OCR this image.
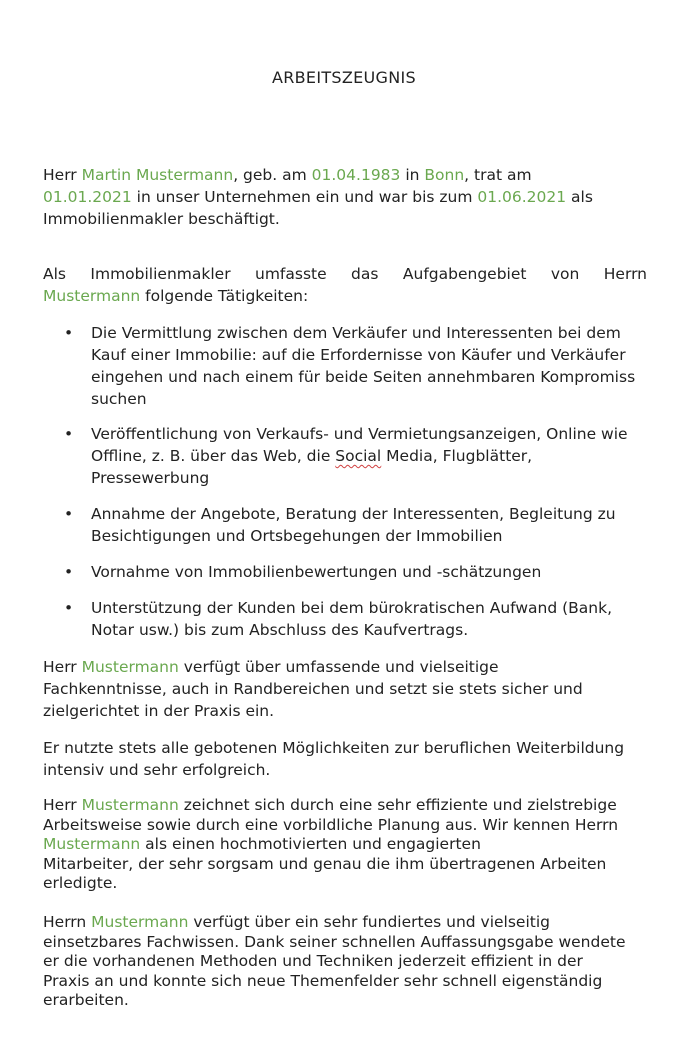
ARBEITSZEUGNIS
Herr Martin Mustermann, geb. am 01.04.1983 in Bonn, trat am
01.01.2021 in unser Unternehmen ein und war bis zum 01.06.2021 als
Immobilienmakler beschäftigt.
Als Immobilienmakler umfasste das Aufgabengebiet von Herrn
Mustermann folgende Tätigkeiten:
• Die Vermittlung zwischen dem Verkäufer und Interessenten bei dem Kauf einer Immobilie: auf die Erfordernisse von Käufer und Verkäufer eingehen und nach einem für beide Seiten annehmbaren Kompromiss suchen
• Veröffentlichung von Verkaufs- und Vermietungsanzeigen, Online wie Offline, z. B. über das Web, die Social Media, Flugblätter, Pressewerbung
• Annahme der Angebote, Beratung der Interessenten, Begleitung zu Besichtigungen und Ortsbegehungen der Immobilien
• Vornahme von Immobilienbewertungen und -schätzungen
• Unterstützung der Kunden bei dem bürokratischen Aufwand (Bank, Notar usw.) bis zum Abschluss des Kaufvertrags.
Herr Mustermann verfügt über umfassende und vielseitige
Fachkenntnisse, auch in Randbereichen und setzt sie stets sicher und
zielgerichtet in der Praxis ein.
Er nutzte stets alle gebotenen Möglichkeiten zur beruflichen Weiterbildung
intensiv und sehr erfolgreich.
Herr Mustermann zeichnet sich durch eine sehr effiziente und zielstrebige
Arbeitsweise sowie durch eine vorbildliche Planung aus. Wir kennen Herrn
Mustermann als einen hochmotivierten und engagierten
Mitarbeiter, der sehr sorgsam und genau die ihm übertragenen Arbeiten
erledigte.
Herrn Mustermann verfügt über ein sehr fundiertes und vielseitig
einsetzbares Fachwissen. Dank seiner schnellen Auffassungsgabe wendete
er die vorhandenen Methoden und Techniken jederzeit effizient in der
Praxis an und konnte sich neue Themenfelder sehr schnell eigenständig
erarbeiten.
